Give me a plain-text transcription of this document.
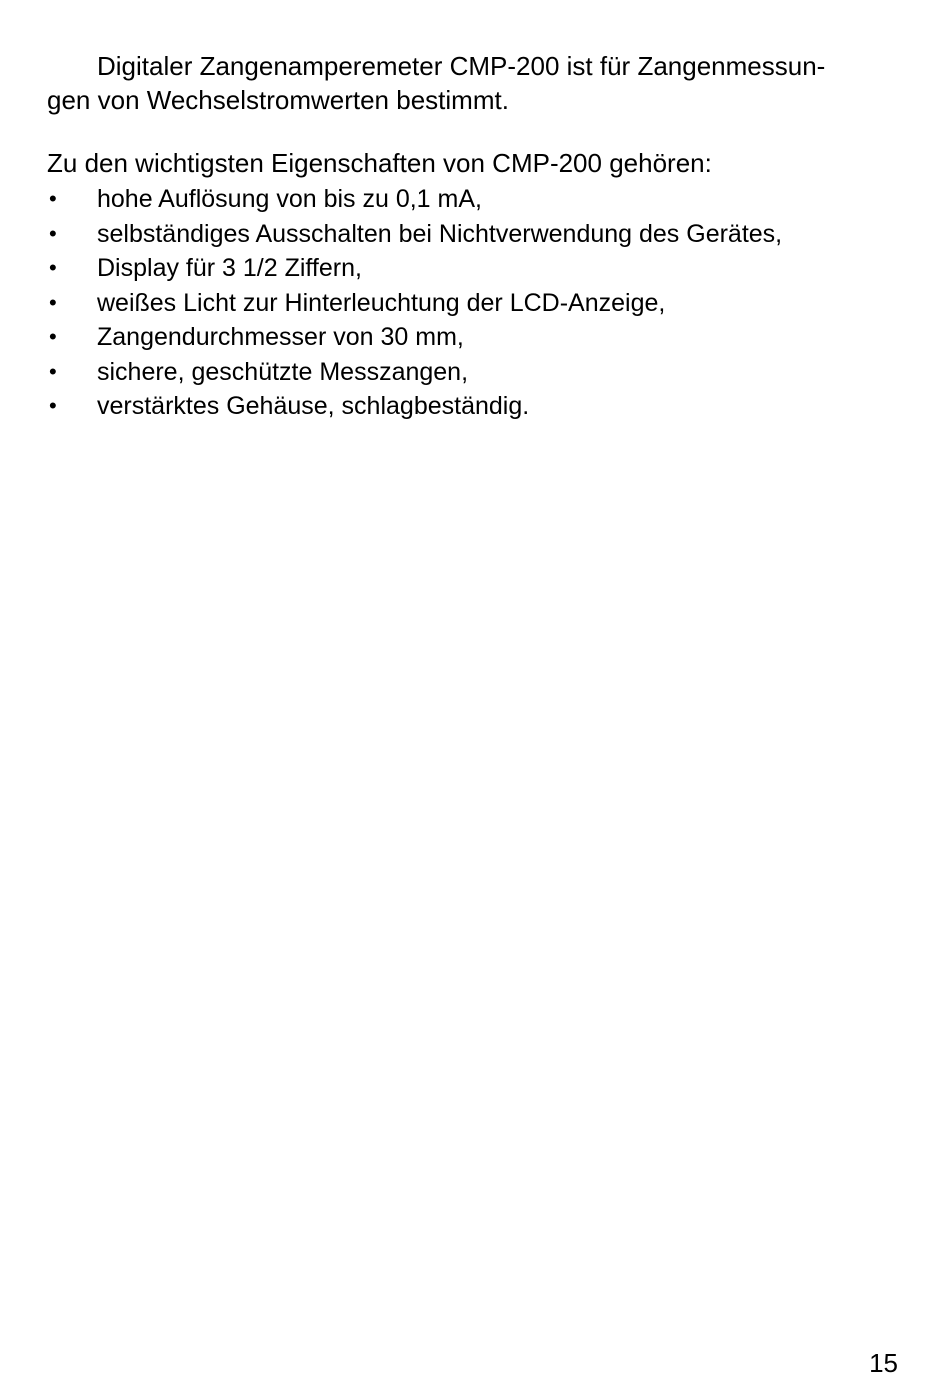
Digitaler Zangenamperemeter CMP-200 ist für Zangenmessun-
gen von Wechselstromwerten bestimmt.

Zu den wichtigsten Eigenschaften von CMP-200 gehören:

• hohe Auflösung von bis zu 0,1 mA,
• selbständiges Ausschalten bei Nichtverwendung des Gerätes,
• Display für 3 1/2 Ziffern,
• weißes Licht zur Hinterleuchtung der LCD-Anzeige,
• Zangendurchmesser von 30 mm,
• sichere, geschützte Messzangen,
• verstärktes Gehäuse, schlagbeständig.
15
